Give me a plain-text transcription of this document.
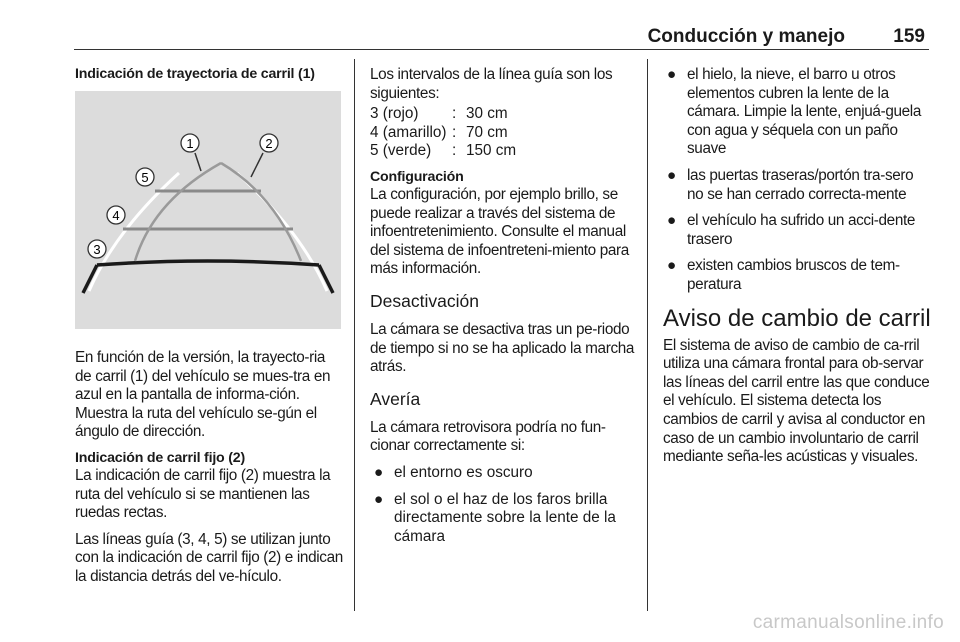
Conducción y manejo	159
Indicación de trayectoria de carril (1)
1	2
5
4
3

En función de la versión, la trayecto-ria de carril (1) del vehículo se mues-tra en azul en la pantalla de informa-ción. Muestra la ruta del vehículo se-gún el ángulo de dirección.

Indicación de carril fijo (2)

La indicación de carril fijo (2) muestra la ruta del vehículo si se mantienen las ruedas rectas.

Las líneas guía (3, 4, 5) se utilizan junto con la indicación de carril fijo (2) e indican la distancia detrás del ve-hículo.

Los intervalos de la línea guía son los siguientes:

3 (rojo)	:	30 cm
4 (amarillo)	:	70 cm
5 (verde)	:	150 cm
Configuración

La configuración, por ejemplo brillo, se puede realizar a través del sistema de infoentretenimiento. Consulte el manual del sistema de infoentreteni-miento para más información.

Desactivación

La cámara se desactiva tras un pe-riodo de tiempo si no se ha aplicado la marcha atrás.

Avería

La cámara retrovisora podría no fun-cionar correctamente si:

● el entorno es oscuro
● el sol o el haz de los faros brilla directamente sobre la lente de la cámara
● el hielo, la nieve, el barro u otros elementos cubren la lente de la cámara. Limpie la lente, enjuá-guela con agua y séquela con un paño suave
● las puertas traseras/portón tra-sero no se han cerrado correcta-mente
● el vehículo ha sufrido un acci-dente trasero
● existen cambios bruscos de tem-peratura
Aviso de cambio de carril

El sistema de aviso de cambio de ca-rril utiliza una cámara frontal para ob-servar las líneas del carril entre las que conduce el vehículo. El sistema detecta los cambios de carril y avisa al conductor en caso de un cambio involuntario de carril mediante seña-les acústicas y visuales.

carmanualsonline.info
